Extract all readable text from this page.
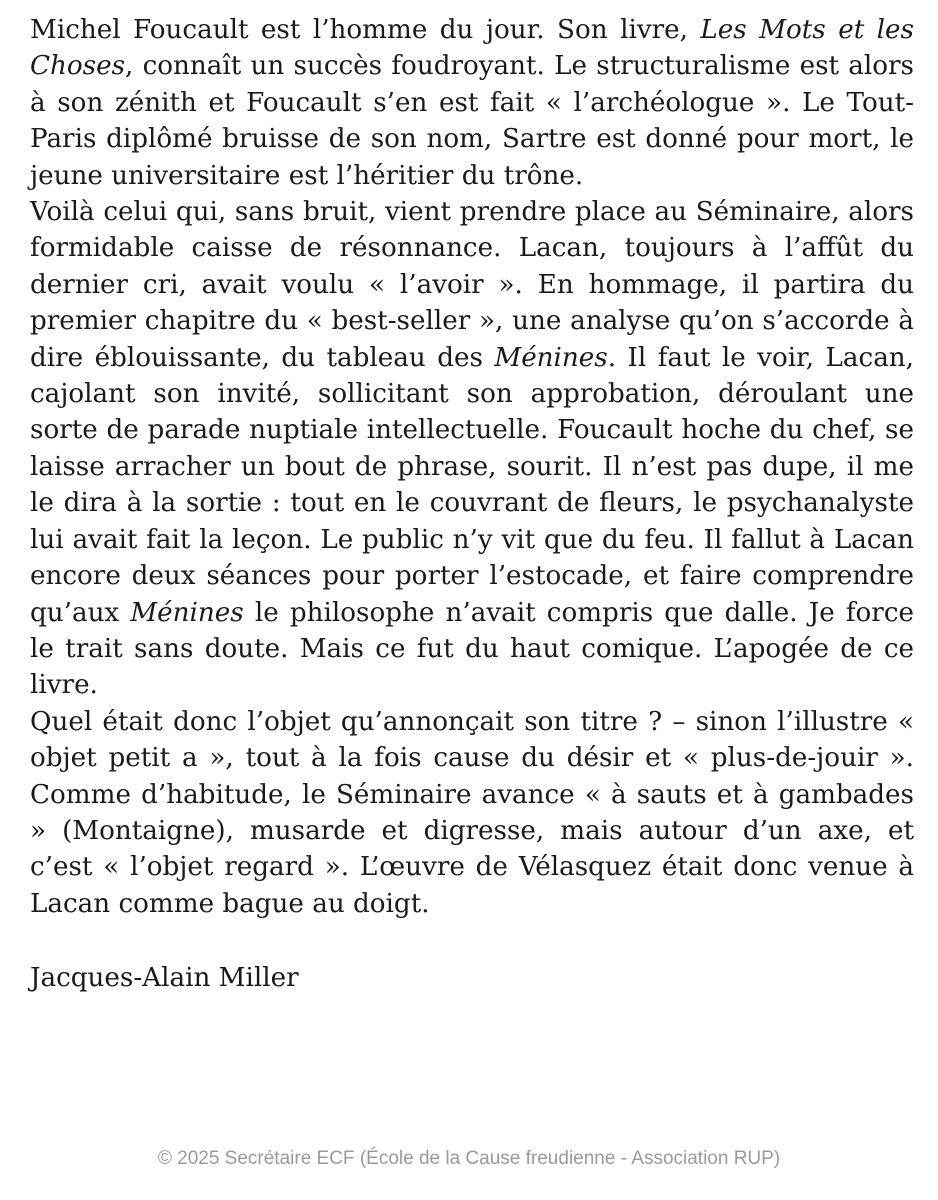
Michel Foucault est l’homme du jour. Son livre, Les Mots et les Choses, connaît un succès foudroyant. Le structuralisme est alors à son zénith et Foucault s’en est fait « l’archéologue ». Le Tout-Paris diplômé bruisse de son nom, Sartre est donné pour mort, le jeune universitaire est l’héritier du trône.

Voilà celui qui, sans bruit, vient prendre place au Séminaire, alors formidable caisse de résonnance. Lacan, toujours à l’affût du dernier cri, avait voulu « l’avoir ». En hommage, il partira du premier chapitre du « best-seller », une analyse qu’on s’accorde à dire éblouissante, du tableau des Ménines. Il faut le voir, Lacan, cajolant son invité, sollicitant son approbation, déroulant une sorte de parade nuptiale intellectuelle. Foucault hoche du chef, se laisse arracher un bout de phrase, sourit. Il n’est pas dupe, il me le dira à la sortie : tout en le couvrant de fleurs, le psychanalyste lui avait fait la leçon. Le public n’y vit que du feu. Il fallut à Lacan encore deux séances pour porter l’estocade, et faire comprendre qu’aux Ménines le philosophe n’avait compris que dalle. Je force le trait sans doute. Mais ce fut du haut comique. L’apogée de ce livre.

Quel était donc l’objet qu’annonçait son titre ? – sinon l’illustre « objet petit a », tout à la fois cause du désir et « plus-de-jouir ». Comme d’habitude, le Séminaire avance « à sauts et à gambades » (Montaigne), musarde et digresse, mais autour d’un axe, et c’est « l’objet regard ». L’œuvre de Vélasquez était donc venue à Lacan comme bague au doigt.

Jacques-Alain Miller

© 2025 Secrétaire ECF (École de la Cause freudienne - Association RUP)
